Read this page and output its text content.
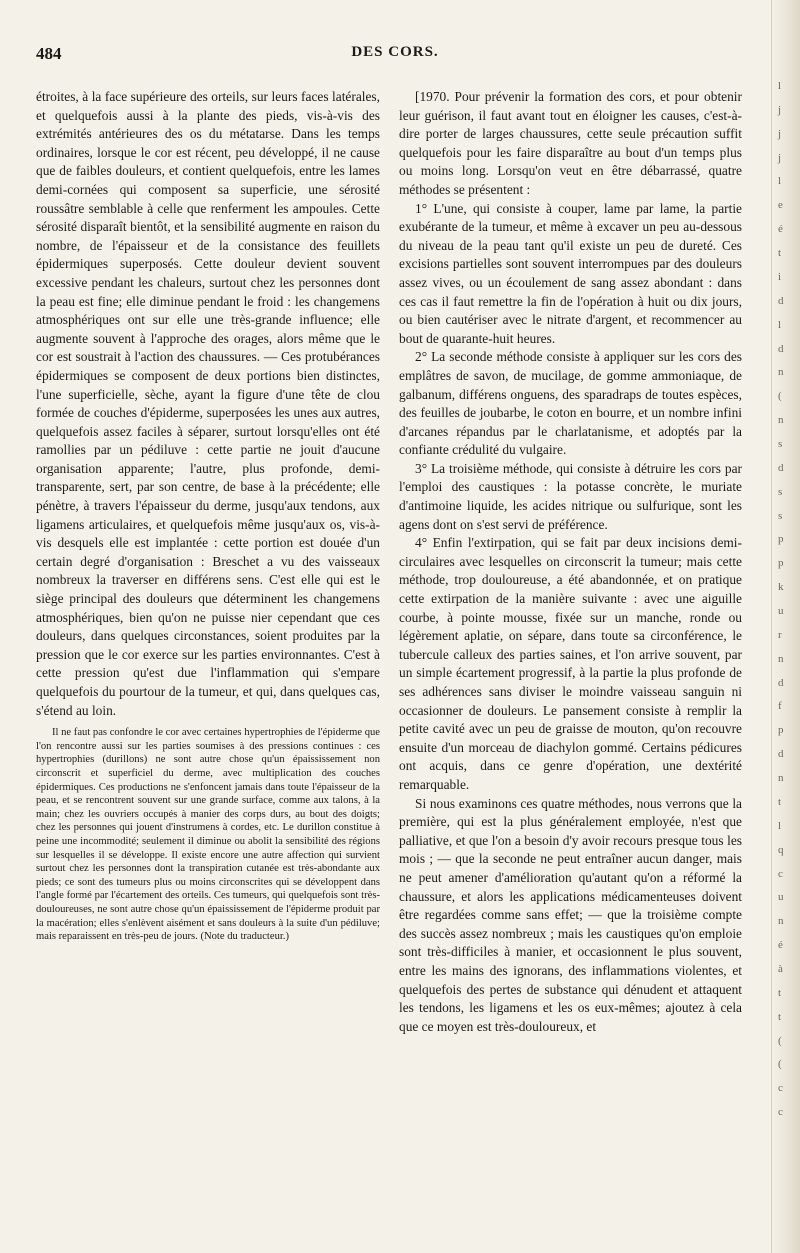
484	DES CORS.

étroites, à la face supérieure des orteils, sur leurs faces latérales, et quelquefois aussi à la plante des pieds, vis-à-vis des extrémités antérieures des os du métatarse. Dans les temps ordinaires, lorsque le cor est récent, peu développé, il ne cause que de faibles douleurs, et contient quelquefois, entre les lames demi-cornées qui composent sa superficie, une sérosité roussâtre semblable à celle que renferment les ampoules. Cette sérosité disparaît bientôt, et la sensibilité augmente en raison du nombre, de l'épaisseur et de la consistance des feuillets épidermiques superposés. Cette douleur devient souvent excessive pendant les chaleurs, surtout chez les personnes dont la peau est fine; elle diminue pendant le froid : les changemens atmosphériques ont sur elle une très-grande influence; elle augmente souvent à l'approche des orages, alors même que le cor est soustrait à l'action des chaussures. — Ces protubérances épidermiques se composent de deux portions bien distinctes, l'une superficielle, sèche, ayant la figure d'une tête de clou formée de couches d'épiderme, superposées les unes aux autres, quelquefois assez faciles à séparer, surtout lorsqu'elles ont été ramollies par un pédiluve : cette partie ne jouit d'aucune organisation apparente; l'autre, plus profonde, demi-transparente, sert, par son centre, de base à la précédente; elle pénètre, à travers l'épaisseur du derme, jusqu'aux tendons, aux ligamens articulaires, et quelquefois même jusqu'aux os, vis-à-vis desquels elle est implantée : cette portion est douée d'un certain degré d'organisation : Breschet a vu des vaisseaux nombreux la traverser en différens sens. C'est elle qui est le siège principal des douleurs que déterminent les changemens atmosphériques, bien qu'on ne puisse nier cependant que ces douleurs, dans quelques circonstances, soient produites par la pression que le cor exerce sur les parties environnantes. C'est à cette pression qu'est due l'inflammation qui s'empare quelquefois du pourtour de la tumeur, et qui, dans quelques cas, s'étend au loin.

Il ne faut pas confondre le cor avec certaines hypertrophies de l'épiderme que l'on rencontre aussi sur les parties soumises à des pressions continues : ces hypertrophies (durillons) ne sont autre chose qu'un épaississement non circonscrit et superficiel du derme, avec multiplication des couches épidermiques. Ces productions ne s'enfoncent jamais dans toute l'épaisseur de la peau, et se rencontrent souvent sur une grande surface, comme aux talons, à la main; chez les ouvriers occupés à manier des corps durs, au bout des doigts; chez les personnes qui jouent d'instrumens à cordes, etc. Le durillon constitue à peine une incommodité; seulement il diminue ou abolit la sensibilité des régions sur lesquelles il se développe. Il existe encore une autre affection qui survient surtout chez les personnes dont la transpiration cutanée est très-abondante aux pieds; ce sont des tumeurs plus ou moins circonscrites qui se développent dans l'angle formé par l'écartement des orteils. Ces tumeurs, qui quelquefois sont très-douloureuses, ne sont autre chose qu'un épaississement de l'épiderme produit par la macération; elles s'enlèvent aisément et sans douleurs à la suite d'un pédiluve; mais reparaissent en très-peu de jours. (Note du traducteur.)

[1970. Pour prévenir la formation des cors, et pour obtenir leur guérison, il faut avant tout en éloigner les causes, c'est-à-dire porter de larges chaussures, cette seule précaution suffit quelquefois pour les faire disparaître au bout d'un temps plus ou moins long. Lorsqu'on veut en être débarrassé, quatre méthodes se présentent :

1° L'une, qui consiste à couper, lame par lame, la partie exubérante de la tumeur, et même à excaver un peu au-dessous du niveau de la peau tant qu'il existe un peu de dureté. Ces excisions partielles sont souvent interrompues par des douleurs assez vives, ou un écoulement de sang assez abondant : dans ces cas il faut remettre la fin de l'opération à huit ou dix jours, ou bien cautériser avec le nitrate d'argent, et recommencer au bout de quarante-huit heures.

2° La seconde méthode consiste à appliquer sur les cors des emplâtres de savon, de mucilage, de gomme ammoniaque, de galbanum, différens onguens, des sparadraps de toutes espèces, des feuilles de joubarbe, le coton en bourre, et un nombre infini d'arcanes répandus par le charlatanisme, et adoptés par la confiante crédulité du vulgaire.

3° La troisième méthode, qui consiste à détruire les cors par l'emploi des caustiques : la potasse concrète, le muriate d'antimoine liquide, les acides nitrique ou sulfurique, sont les agens dont on s'est servi de préférence.

4° Enfin l'extirpation, qui se fait par deux incisions demi-circulaires avec lesquelles on circonscrit la tumeur; mais cette méthode, trop douloureuse, a été abandonnée, et on pratique cette extirpation de la manière suivante : avec une aiguille courbe, à pointe mousse, fixée sur un manche, ronde ou légèrement aplatie, on sépare, dans toute sa circonférence, le tubercule calleux des parties saines, et l'on arrive souvent, par un simple écartement progressif, à la partie la plus profonde de ses adhérences sans diviser le moindre vaisseau sanguin ni occasionner de douleurs. Le pansement consiste à remplir la petite cavité avec un peu de graisse de mouton, qu'on recouvre ensuite d'un morceau de diachylon gommé. Certains pédicures ont acquis, dans ce genre d'opération, une dextérité remarquable.

Si nous examinons ces quatre méthodes, nous verrons que la première, qui est la plus généralement employée, n'est que palliative, et que l'on a besoin d'y avoir recours presque tous les mois ; — que la seconde ne peut entraîner aucun danger, mais ne peut amener d'amélioration qu'autant qu'on a réformé la chaussure, et alors les applications médicamenteuses doivent être regardées comme sans effet; — que la troisième compte des succès assez nombreux ; mais les caustiques qu'on emploie sont très-difficiles à manier, et occasionnent le plus souvent, entre les mains des ignorans, des inflammations violentes, et quelquefois des pertes de substance qui dénudent et attaquent les tendons, les ligamens et les os eux-mêmes; ajoutez à cela que ce moyen est très-douloureux, et

l
j
j
j
l
e
é
t
i
d
l
d
n
(
n
s
d
s
s
p
p
k
u
r
n
d
f
p
d
n
t
l
q
c
u
n
é
à
t
t
(
(
c
c
